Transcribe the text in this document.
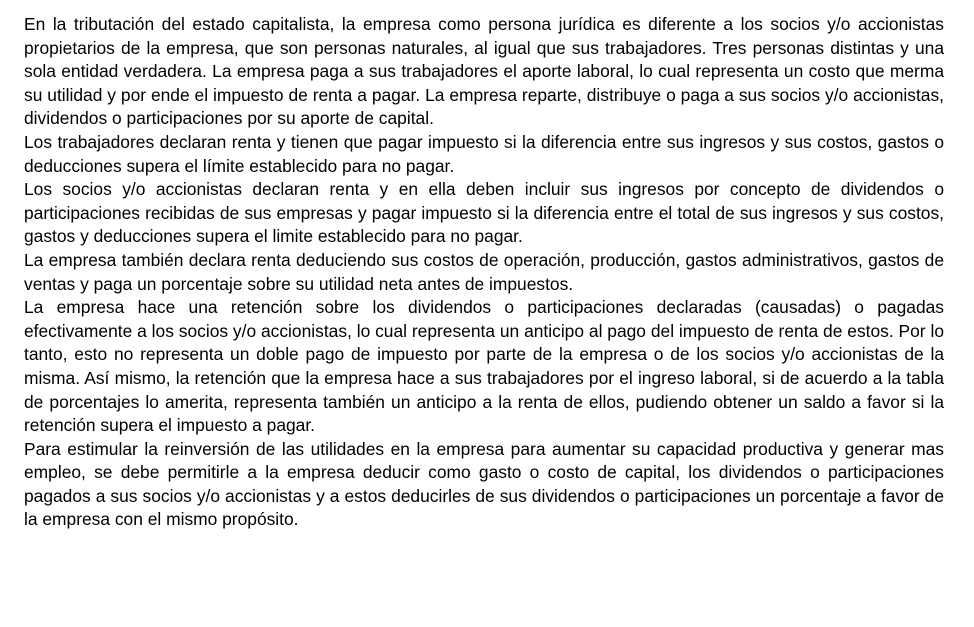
En la tributación del estado capitalista, la empresa como persona jurídica es diferente a los socios y/o accionistas propietarios de la empresa, que son personas naturales, al igual que sus trabajadores. Tres personas distintas y una sola entidad verdadera. La empresa paga a sus trabajadores el aporte laboral, lo cual representa un costo que merma su utilidad y por ende el impuesto de renta a pagar. La empresa reparte, distribuye o paga a sus socios y/o accionistas, dividendos o participaciones por su aporte de capital.

Los trabajadores declaran renta y tienen que pagar impuesto si la diferencia entre sus ingresos y sus costos, gastos o deducciones supera el límite establecido para no pagar.

Los socios y/o accionistas declaran renta y en ella deben incluir sus ingresos por concepto de dividendos o participaciones recibidas de sus empresas y pagar impuesto si la diferencia entre el total de sus ingresos y sus costos, gastos y deducciones supera el limite establecido para no pagar.

La empresa también declara renta deduciendo sus costos de operación, producción, gastos administrativos, gastos de ventas y paga un porcentaje sobre su utilidad neta antes de impuestos.

La empresa hace una retención sobre los dividendos o participaciones declaradas (causadas) o pagadas efectivamente a los socios y/o accionistas, lo cual representa un anticipo al pago del impuesto de renta de estos. Por lo tanto, esto no representa un doble pago de impuesto por parte de la empresa o de los socios y/o accionistas de la misma. Así mismo, la retención que la empresa hace a sus trabajadores por el ingreso laboral, si de acuerdo a la tabla de porcentajes lo amerita, representa también un anticipo a la renta de ellos, pudiendo obtener un saldo a favor si la retención supera el impuesto a pagar.

Para estimular la reinversión de las utilidades en la empresa para aumentar su capacidad productiva y generar mas empleo, se debe permitirle a la empresa deducir como gasto o costo de capital, los dividendos o participaciones pagados a sus socios y/o accionistas y a estos deducirles de sus dividendos o participaciones un porcentaje a favor de la empresa con el mismo propósito.
